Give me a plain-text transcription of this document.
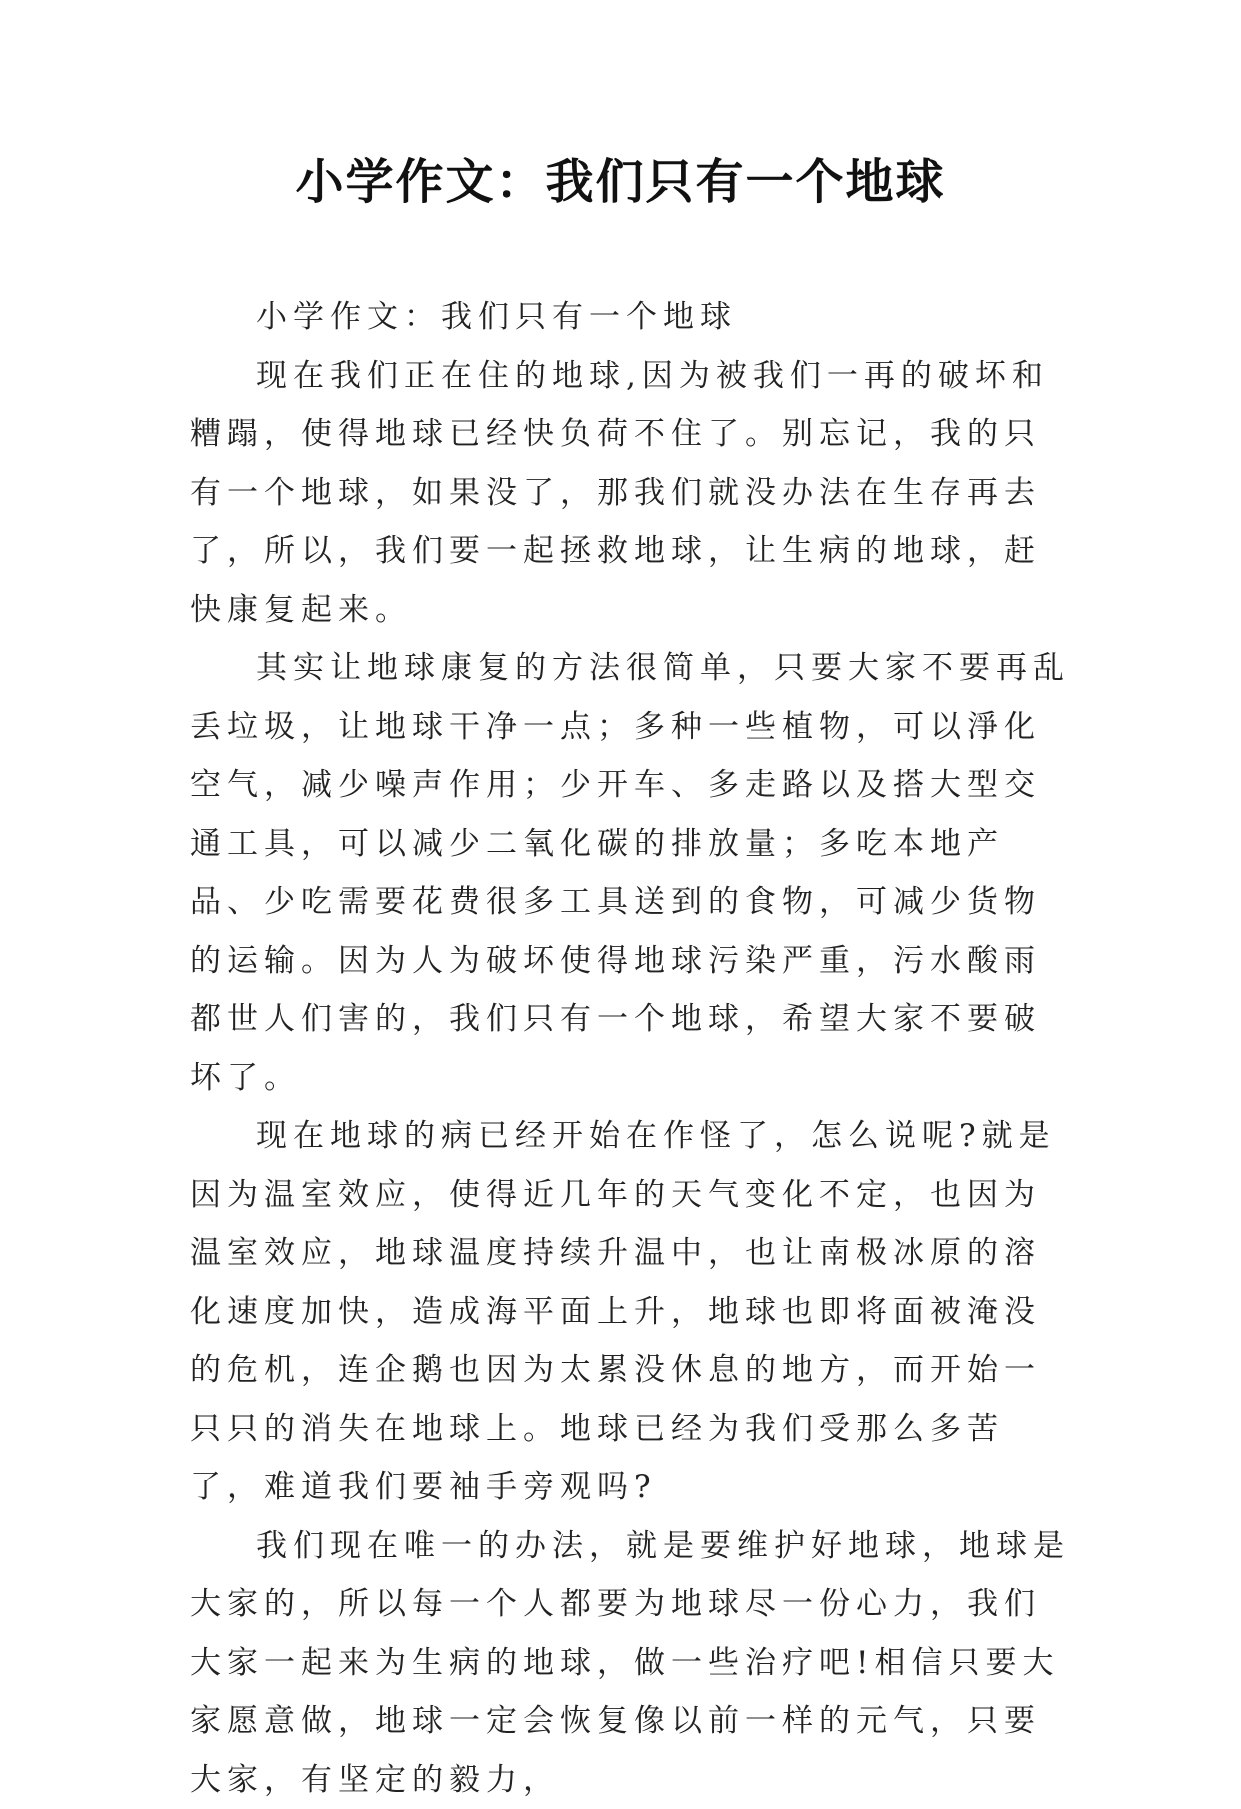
小学作文：我们只有一个地球

小学作文：我们只有一个地球

现在我们正在住的地球,因为被我们一再的破坏和糟蹋，使得地球已经快负荷不住了。别忘记，我的只有一个地球，如果没了，那我们就没办法在生存再去了，所以，我们要一起拯救地球，让生病的地球，赶快康复起来。

其实让地球康复的方法很简单，只要大家不要再乱丢垃圾，让地球干净一点；多种一些植物，可以淨化空气，减少噪声作用；少开车、多走路以及搭大型交通工具，可以减少二氧化碳的排放量；多吃本地产品、少吃需要花费很多工具送到的食物，可减少货物的运输。因为人为破坏使得地球污染严重，污水酸雨都世人们害的，我们只有一个地球，希望大家不要破坏了。

现在地球的病已经开始在作怪了，怎么说呢?就是因为温室效应，使得近几年的天气变化不定，也因为温室效应，地球温度持续升温中，也让南极冰原的溶化速度加快，造成海平面上升，地球也即将面被淹没的危机，连企鹅也因为太累没休息的地方，而开始一只只的消失在地球上。地球已经为我们受那么多苦了，难道我们要袖手旁观吗?

我们现在唯一的办法，就是要维护好地球，地球是大家的，所以每一个人都要为地球尽一份心力，我们大家一起来为生病的地球，做一些治疗吧!相信只要大家愿意做，地球一定会恢复像以前一样的元气，只要大家，有坚定的毅力，
